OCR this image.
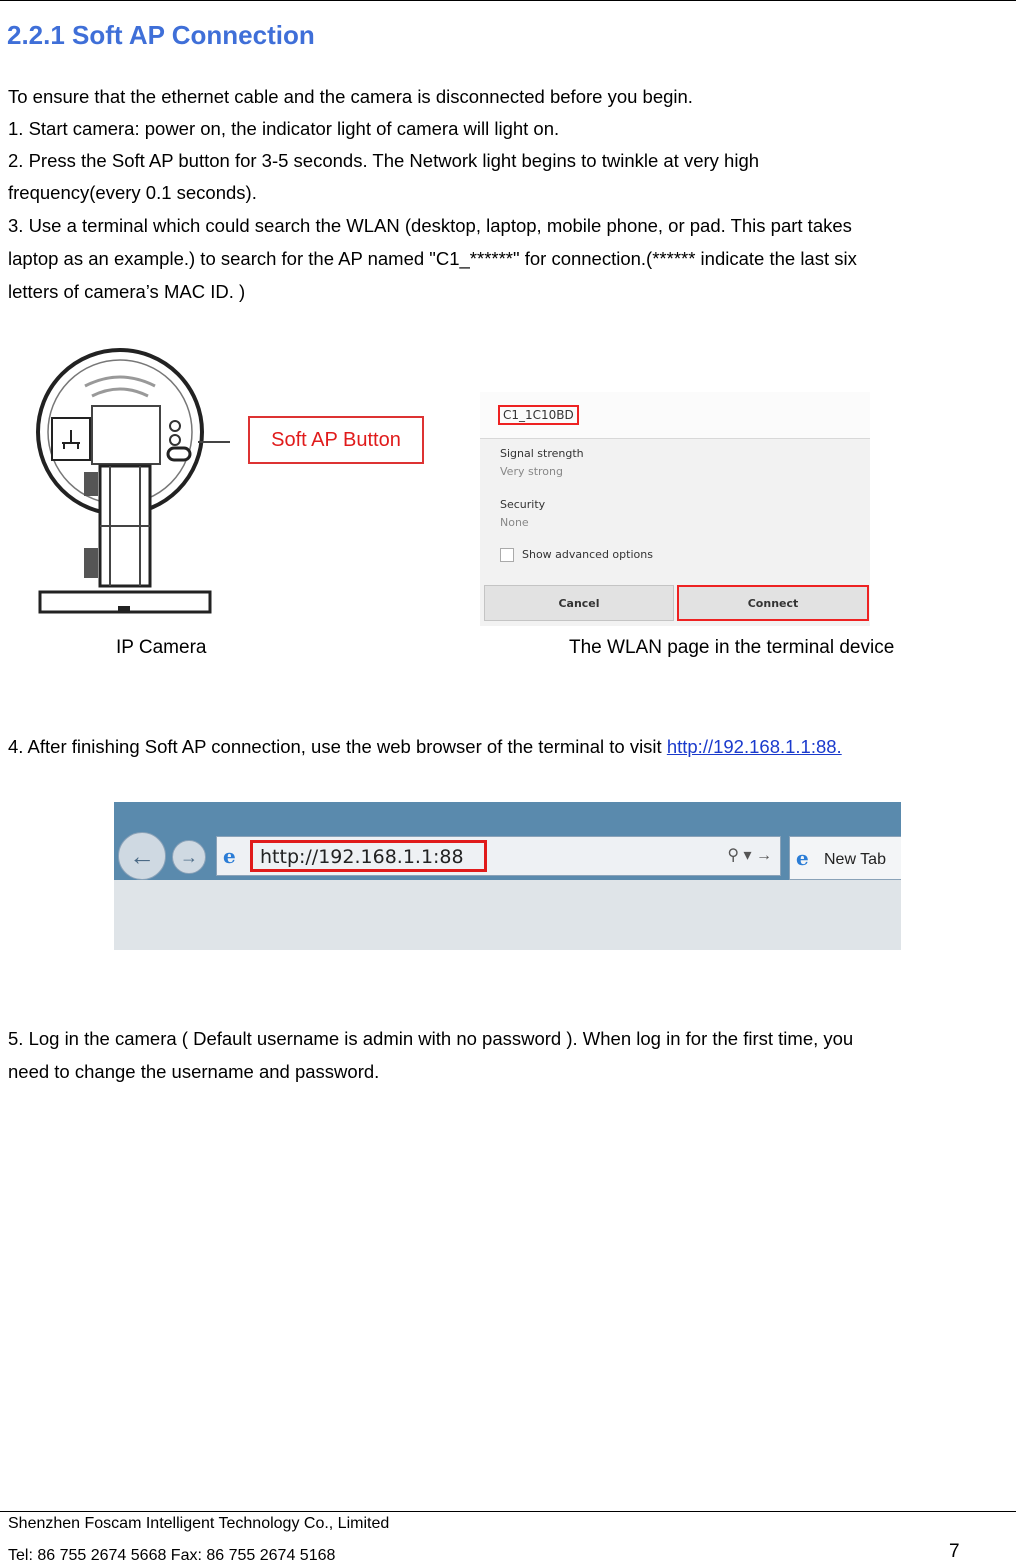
2.2.1 Soft AP Connection
To ensure that the ethernet cable and the camera is disconnected before you begin.
1. Start camera: power on, the indicator light of camera will light on.
2. Press the Soft AP button for 3-5 seconds. The Network light begins to twinkle at very high
frequency(every 0.1 seconds).
3. Use a terminal which could search the WLAN (desktop, laptop, mobile phone, or pad. This part takes
laptop as an example.) to search for the AP named "C1_******" for connection.(****** indicate the last six
letters of camera’s MAC ID. )
Soft AP Button
C1_1C10BD
Signal strength
Very strong
Security
None
Show advanced options
Cancel	Connect
IP Camera	The WLAN page in the terminal device
4. After finishing Soft AP connection, use the web browser of the terminal to visit http://192.168.1.1:88.
←	→	e	http://192.168.1.1:88	⚲ ▾ → e New Tab
5. Log in the camera ( Default username is admin with no password ). When log in for the first time, you
need to change the username and password.
Shenzhen Foscam Intelligent Technology Co., Limited
Tel: 86 755 2674 5668 Fax: 86 755 2674 5168	7
